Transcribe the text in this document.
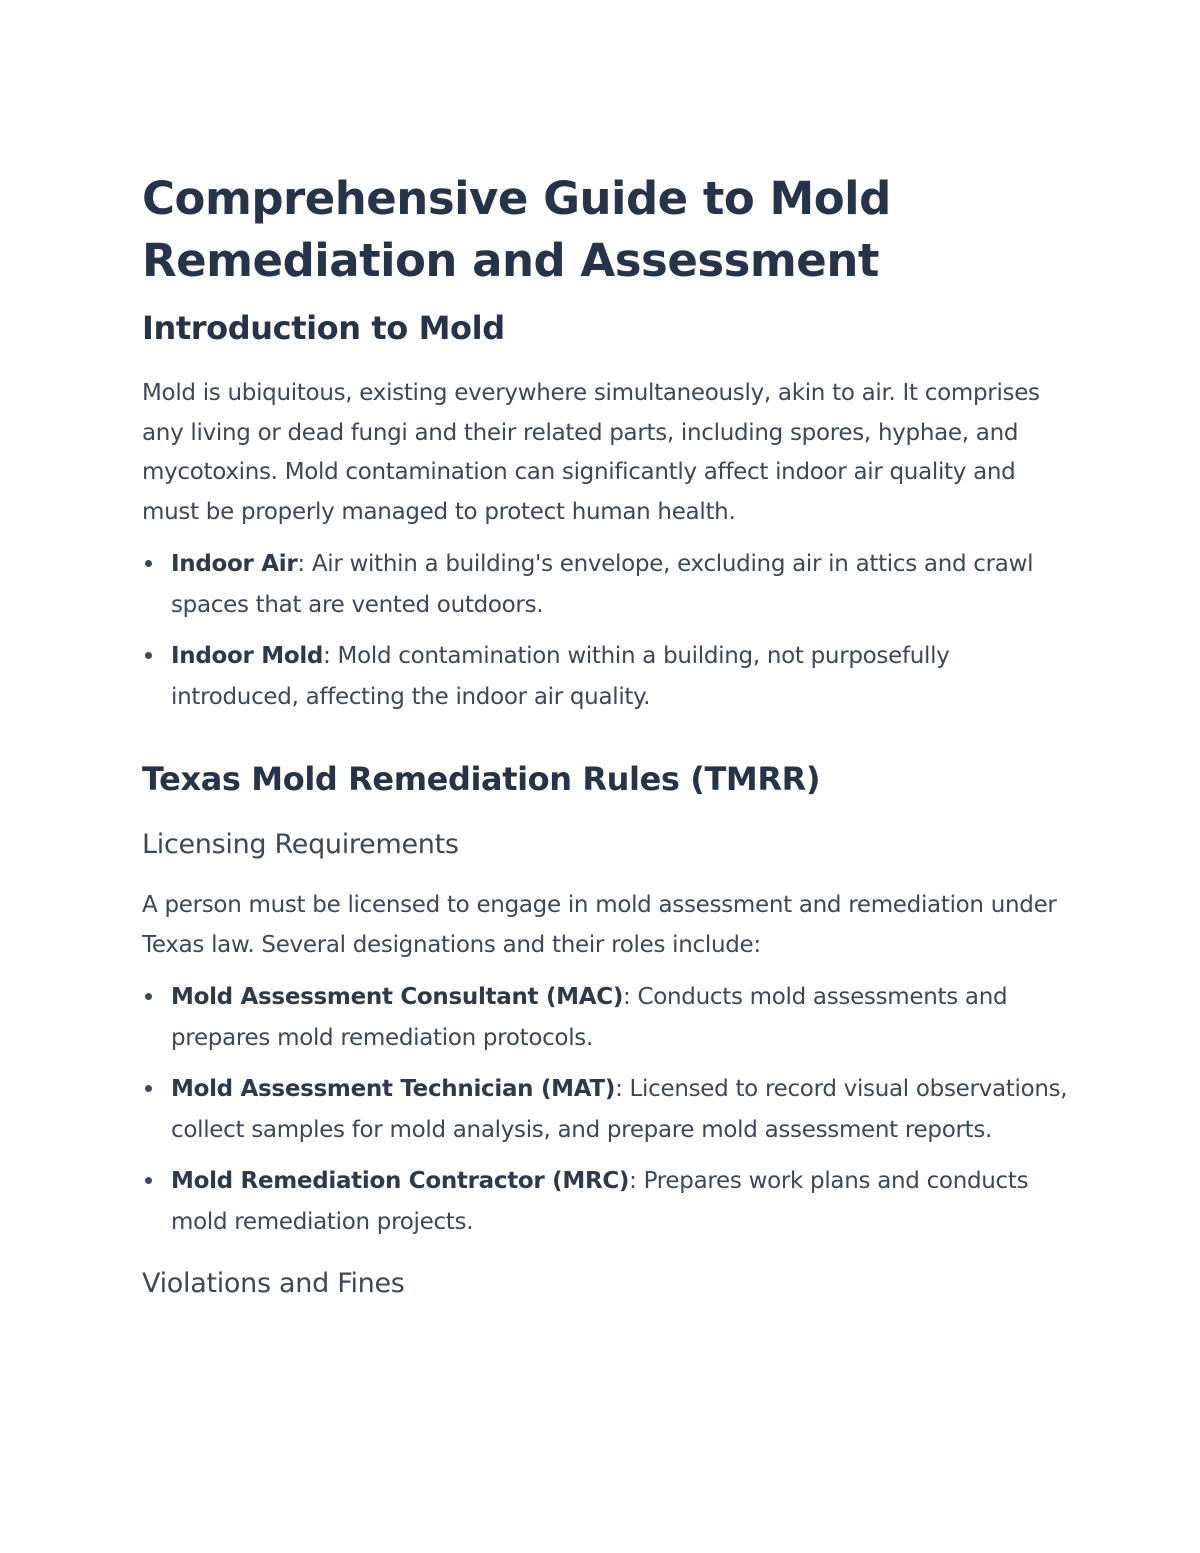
Comprehensive Guide to Mold
Remediation and Assessment
Introduction to Mold

Mold is ubiquitous, existing everywhere simultaneously, akin to air. It comprises any living or dead fungi and their related parts, including spores, hyphae, and mycotoxins. Mold contamination can significantly affect indoor air quality and must be properly managed to protect human health.

Indoor Air: Air within a building's envelope, excluding air in attics and crawl spaces that are vented outdoors.
Indoor Mold: Mold contamination within a building, not purposefully introduced, affecting the indoor air quality.
Texas Mold Remediation Rules (TMRR)
Licensing Requirements

A person must be licensed to engage in mold assessment and remediation under Texas law. Several designations and their roles include:

Mold Assessment Consultant (MAC): Conducts mold assessments and prepares mold remediation protocols.
Mold Assessment Technician (MAT): Licensed to record visual observations, collect samples for mold analysis, and prepare mold assessment reports.
Mold Remediation Contractor (MRC): Prepares work plans and conducts mold remediation projects.
Violations and Fines
